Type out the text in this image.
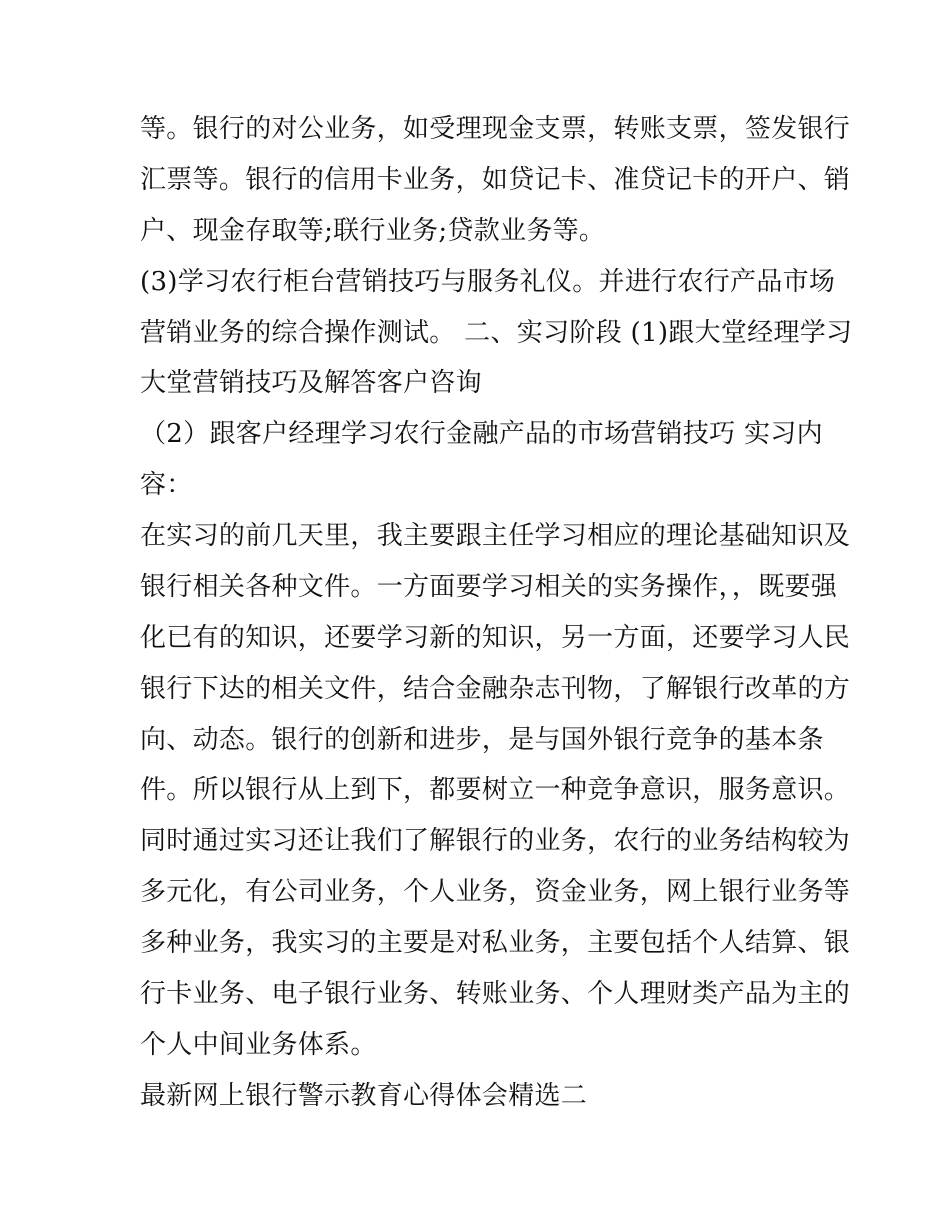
等。银行的对公业务，如受理现金支票，转账支票，签发银行
汇票等。银行的信用卡业务，如贷记卡、准贷记卡的开户、销
户、现金存取等;联行业务;贷款业务等。
(3)学习农行柜台营销技巧与服务礼仪。并进行农行产品市场
营销业务的综合操作测试。 二、实习阶段 (1)跟大堂经理学习
大堂营销技巧及解答客户咨询
（2）跟客户经理学习农行金融产品的市场营销技巧 实习内
容：
在实习的前几天里，我主要跟主任学习相应的理论基础知识及
银行相关各种文件。一方面要学习相关的实务操作，，既要强
化已有的知识，还要学习新的知识，另一方面，还要学习人民
银行下达的相关文件，结合金融杂志刊物，了解银行改革的方
向、动态。银行的创新和进步，是与国外银行竞争的基本条
件。所以银行从上到下，都要树立一种竞争意识，服务意识。
同时通过实习还让我们了解银行的业务，农行的业务结构较为
多元化，有公司业务，个人业务，资金业务，网上银行业务等
多种业务，我实习的主要是对私业务，主要包括个人结算、银
行卡业务、电子银行业务、转账业务、个人理财类产品为主的
个人中间业务体系。
最新网上银行警示教育心得体会精选二
